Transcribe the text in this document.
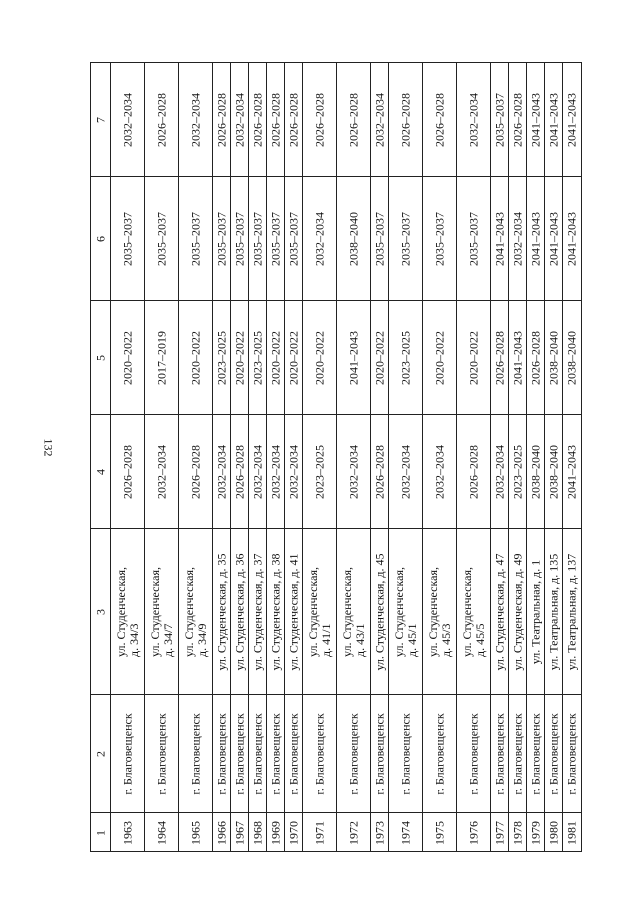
132
1
2
3
4
5
6
7
1963
г. Благовещенск
ул. Студенческая,
д. 34/3
2026–2028
2020–2022
2035–2037
2032–2034
1964
г. Благовещенск
ул. Студенческая,
д. 34/7
2032–2034
2017–2019
2035–2037
2026–2028
1965
г. Благовещенск
ул. Студенческая,
д. 34/9
2026–2028
2020–2022
2035–2037
2032–2034
1966
г. Благовещенск
ул. Студенческая, д. 35
2032–2034
2023–2025
2035–2037
2026–2028
1967
г. Благовещенск
ул. Студенческая, д. 36
2026–2028
2020–2022
2035–2037
2032–2034
1968
г. Благовещенск
ул. Студенческая, д. 37
2032–2034
2023–2025
2035–2037
2026–2028
1969
г. Благовещенск
ул. Студенческая, д. 38
2032–2034
2020–2022
2035–2037
2026–2028
1970
г. Благовещенск
ул. Студенческая, д. 41
2032–2034
2020–2022
2035–2037
2026–2028
1971
г. Благовещенск
ул. Студенческая,
д. 41/1
2023–2025
2020–2022
2032–2034
2026–2028
1972
г. Благовещенск
ул. Студенческая,
д. 43/1
2032–2034
2041–2043
2038–2040
2026–2028
1973
г. Благовещенск
ул. Студенческая, д. 45
2026–2028
2020–2022
2035–2037
2032–2034
1974
г. Благовещенск
ул. Студенческая,
д. 45/1
2032–2034
2023–2025
2035–2037
2026–2028
1975
г. Благовещенск
ул. Студенческая,
д. 45/3
2032–2034
2020–2022
2035–2037
2026–2028
1976
г. Благовещенск
ул. Студенческая,
д. 45/5
2026–2028
2020–2022
2035–2037
2032–2034
1977
г. Благовещенск
ул. Студенческая, д. 47
2032–2034
2026–2028
2041–2043
2035–2037
1978
г. Благовещенск
ул. Студенческая, д. 49
2023–2025
2041–2043
2032–2034
2026–2028
1979
г. Благовещенск
ул. Театральная, д. 1
2038–2040
2026–2028
2041–2043
2041–2043
1980
г. Благовещенск
ул. Театральная, д. 135
2038–2040
2038–2040
2041–2043
2041–2043
1981
г. Благовещенск
ул. Театральная, д. 137
2041–2043
2038–2040
2041–2043
2041–2043
